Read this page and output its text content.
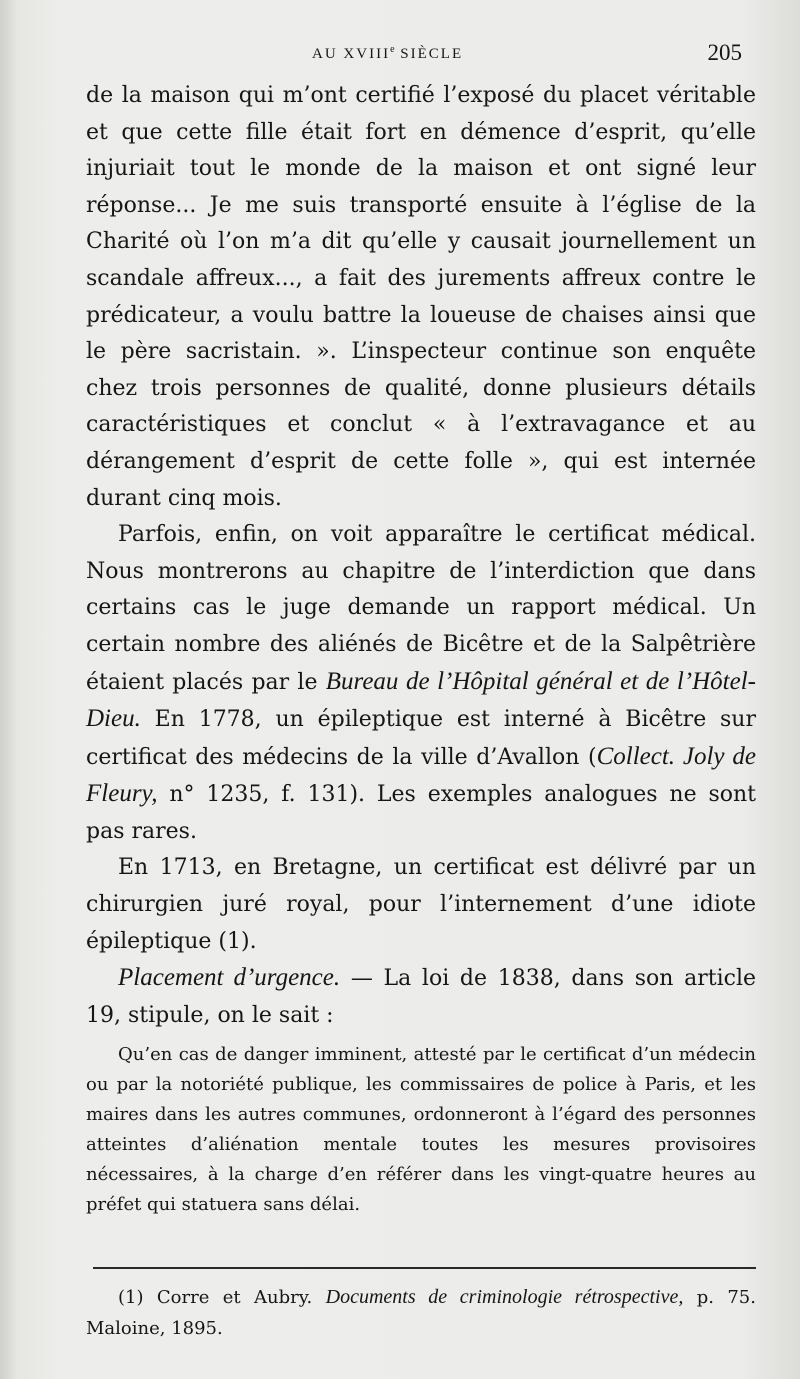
AU XVIIIe SIÈCLE	205

de la maison qui m’ont certifié l’exposé du placet véritable et que cette fille était fort en démence d’esprit, qu’elle injuriait tout le monde de la maison et ont signé leur réponse... Je me suis transporté ensuite à l’église de la Charité où l’on m’a dit qu’elle y causait journellement un scandale affreux..., a fait des jurements affreux contre le prédicateur, a voulu battre la loueuse de chaises ainsi que le père sacristain. ». L’inspecteur continue son enquête chez trois personnes de qualité, donne plusieurs détails caractéristiques et conclut « à l’extravagance et au dérangement d’esprit de cette folle », qui est internée durant cinq mois.

Parfois, enfin, on voit apparaître le certificat médical. Nous montrerons au chapitre de l’interdiction que dans certains cas le juge demande un rapport médical. Un certain nombre des aliénés de Bicêtre et de la Salpêtrière étaient placés par le Bureau de l’Hôpital général et de l’Hôtel-Dieu. En 1778, un épileptique est interné à Bicêtre sur certificat des médecins de la ville d’Avallon (Collect. Joly de Fleury, n° 1235, f. 131). Les exemples analogues ne sont pas rares.

En 1713, en Bretagne, un certificat est délivré par un chirurgien juré royal, pour l’internement d’une idiote épileptique (1).

Placement d’urgence. — La loi de 1838, dans son article 19, stipule, on le sait :

Qu’en cas de danger imminent, attesté par le certificat d’un médecin ou par la notoriété publique, les commissaires de police à Paris, et les maires dans les autres communes, ordonneront à l’égard des personnes atteintes d’aliénation mentale toutes les mesures provisoires nécessaires, à la charge d’en référer dans les vingt-quatre heures au préfet qui statuera sans délai.

(1) Corre et Aubry. Documents de criminologie rétrospective, p. 75. Maloine, 1895.
